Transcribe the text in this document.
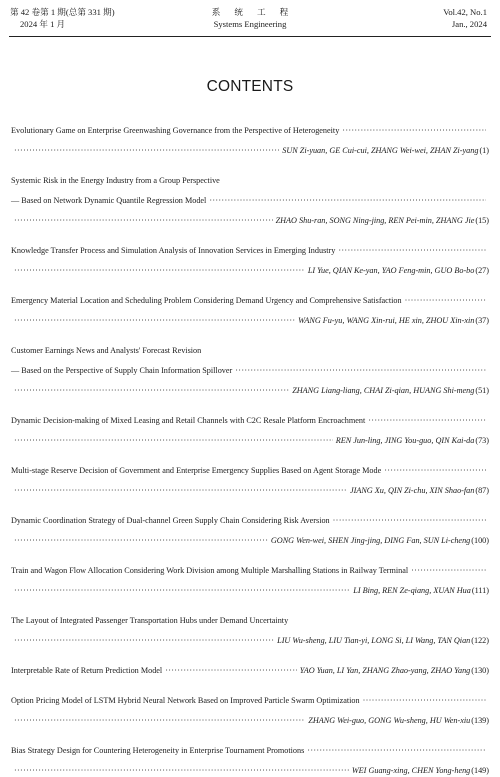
第 42 卷第 1 期(总第 331 期)
2024 年 1 月
系统工程
Systems Engineering
Vol.42, No.1
Jan., 2024
CONTENTS
Evolutionary Game on Enterprise Greenwashing Governance from the Perspective of Heterogeneity
·····
·····
SUN Zi-yuan, GE Cui-cui, ZHANG Wei-wei, ZHAN Zi-yang (1)
Systemic Risk in the Energy Industry from a Group Perspective
— Based on Network Dynamic Quantile Regression Model
·····
·····
ZHAO Shu-ran, SONG Ning-jing, REN Pei-min, ZHANG Jie (15)
Knowledge Transfer Process and Simulation Analysis of Innovation Services in Emerging Industry
·····
·····
LI Yue, QIAN Ke-yan, YAO Feng-min, GUO Bo-bo (27)
Emergency Material Location and Scheduling Problem Considering Demand Urgency and Comprehensive Satisfaction
·····
·····
WANG Fu-yu, WANG Xin-rui, HE xin, ZHOU Xin-xin (37)
Customer Earnings News and Analysts' Forecast Revision
— Based on the Perspective of Supply Chain Information Spillover
·····
·····
ZHANG Liang-liang, CHAI Zi-qian, HUANG Shi-meng (51)
Dynamic Decision-making of Mixed Leasing and Retail Channels with C2C Resale Platform Encroachment
·····
·····
REN Jun-ling, JING You-guo, QIN Kai-da (73)
Multi-stage Reserve Decision of Government and Enterprise Emergency Supplies Based on Agent Storage Mode
·····
·····
JIANG Xu, QIN Zi-chu, XIN Shao-fan (87)
Dynamic Coordination Strategy of Dual-channel Green Supply Chain Considering Risk Aversion
·····
·····
GONG Wen-wei, SHEN Jing-jing, DING Fan, SUN Li-cheng (100)
Train and Wagon Flow Allocation Considering Work Division among Multiple Marshalling Stations in Railway Terminal
·····
·····
LI Bing, REN Ze-qiang, XUAN Hua (111)
The Layout of Integrated Passenger Transportation Hubs under Demand Uncertainty
·····
LIU Wu-sheng, LIU Tian-yi, LONG Si, LI Wang, TAN Qian (122)
Interpretable Rate of Return Prediction Model
·····	YAO Yuan, LI Yan, ZHANG Zhao-yang, ZHAO Yang (130)
Option Pricing Model of LSTM Hybrid Neural Network Based on Improved Particle Swarm Optimization
·····
·····
ZHANG Wei-guo, GONG Wu-sheng, HU Wen-xiu (139)
Bias Strategy Design for Countering Heterogeneity in Enterprise Tournament Promotions
·····
·····
WEI Guang-xing, CHEN Yong-heng (149)
